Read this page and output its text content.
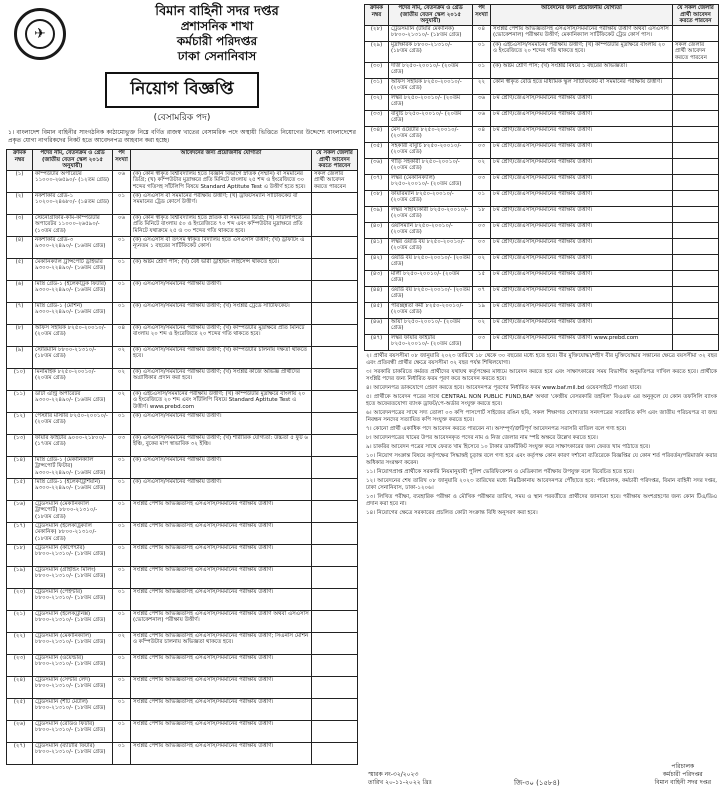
✈
বিমান বাহিনী সদর দপ্তর
প্রশাসনিক শাখা
কর্মচারী পরিদপ্তর
ঢাকা সেনানিবাস
নিয়োগ বিজ্ঞপ্তি
(বেসামরিক পদ)
১। বাংলাদেশ বিমান বাহিনীর সাংগঠনিক কাঠামোভুক্ত নিম্নে বর্ণিত রাজস্ব খাতের বেসামরিক পদে অস্থায়ী ভিত্তিতে নিয়োগের উদ্দেশ্যে বাংলাদেশের প্রকৃত যোগ্য নাগরিকদের নিকট হতে আবেদনপত্র আহবান করা হচ্ছে।
ক্রমিক নম্বর	পদের নাম, বেতনক্রম ও গ্রেড (জাতীয় বেতন স্কেল ২০১৫ অনুযায়ী)	পদ সংখ্যা	আবেদনের জন্য প্রয়োজনীয় যোগ্যতা	যে সকল জেলার প্রার্থী আবেদন করতে পারবেন
(১)	কম্পিউটার অপারেটর ১১০০০-২৬৫৯০/- (১২তম গ্রেড)	০৬	(ক) কোন স্বীকৃত বিশ্ববিদ্যালয় হতে বিজ্ঞান বিভাগে স্নাতক (সম্মান) বা সমমানের ডিগ্রি; (খ) কম্পিউটার মুদ্রাক্ষরে প্রতি মিনিটে বাংলায় ২৫ শব্দ ও ইংরেজিতে ৩০ শব্দের গতিসহ সাঁটলিপি বিষয়ে Standard Aptitute Test এ উত্তীর্ণ হতে হবে।	সকল জেলার প্রার্থী আবেদন করতে পারবেন
(২)	নকশাকার গ্রেড-১ ১০২০০-২৪৬৮০/- (১৪তম গ্রেড)	০১	(ক) এসএসসি বা সমমানের পরীক্ষায় উত্তীর্ণ; (খ) ড্রাফটসম্যান সার্টিফিকেট বা সমমানের ট্রেড কোর্সে উত্তীর্ণ।	
(৩)	স্টেনোগ্রাফার-কাম-কম্পিউটার অপারেটর ১১০০০-২৬৫৯০/- (১৩তম গ্রেড)	০৬	(ক) কোন স্বীকৃত বিশ্ববিদ্যালয় হতে স্নাতক বা সমমানের ডিগ্রি; (খ) সাঁটলিপিতে প্রতি মিনিটে বাংলায় ৫০ ও ইংরেজিতে ৭০ শব্দ এবং কম্পিউটার মুদ্রাক্ষরে প্রতি মিনিটে যথাক্রমে ২৫ ও ৩০ শব্দের গতি থাকতে হবে।	
(৪)	নকশাকার গ্রেড-৩ ৯৩০০-২২৪৯০/- (১৬তম গ্রেড)	০১	(ক) এসএসসি বা তৎসম স্বীকৃত বিদ্যালয় হতে এসএসসি উত্তীর্ণ; (খ) ড্রাফটিং এ ন্যূনতম ১ বছরের সার্টিফিকেট কোর্স।	
(৫)	মেকানিক্যাল ট্রান্সপোর্ট ড্রাইভার ৯৩০০-২২৪৯০/- (১৬তম গ্রেড)	০১	(ক) অষ্টম শ্রেণি পাস; (খ) বৈধ ভারী ড্রাইভিং লাইসেন্স থাকতে হবে।	
(৬)	মিস্ত্রি গ্রেড-১ (ইলেকট্রিক ফিটার) ৯৩০০-২২৪৯০/- (১৬তম গ্রেড)	০১	(ক) এসএসসি/সমমানের পরীক্ষায় উত্তীর্ণ।	
(৭)	মিস্ত্রি গ্রেড-১ (মেশিন) ৯৩০০-২২৪৯০/- (১৬তম গ্রেড)	০১	(ক) এসএসসি/সমমানের পরীক্ষায় উত্তীর্ণ; (খ) সংশ্লিষ্ট ট্রেডে সার্টিফিকেট।	
(৮)	অফিস সহায়ক ৮২৫০-২০০১০/- (২০তম গ্রেড)	০৪	(ক) এসএসসি/সমমানের পরীক্ষায় উত্তীর্ণ; (খ) কম্পিউটার মুদ্রাক্ষরে প্রতি মিনিটে বাংলায় ২০ শব্দ ও ইংরেজিতে ২০ শব্দের গতি থাকতে হবে।	
(৯)	স্টোরম্যান ৮৮০০-২১৩১০/- (১৮তম গ্রেড)	০২	(ক) এসএসসি/সমমানের পরীক্ষায় উত্তীর্ণ; (খ) কম্পিউটার চালনায় দক্ষতা থাকতে হবে।	
(১০)	মিনামাইক ৮২৫০-২০০১০/- (২০তম গ্রেড)	০২	(ক) এসএসসি/সমমানের পরীক্ষায় উত্তীর্ণ; (খ) সংশ্লিষ্ট কাজে অভিজ্ঞ প্রার্থীদের অগ্রাধিকার প্রদান করা হবে।	
(১১)	ডাটা এন্ট্রি অপারেটর ৯৩০০-২২৪৯০/- (১৬তম গ্রেড)	০২	(ক) এইচএসসি/সমমানের পরীক্ষায় উত্তীর্ণ; (খ) কম্পিউটার মুদ্রাক্ষরে বাংলায় ২০ ও ইংরেজিতে ২০ শব্দ এবং সাঁটলিপি বিষয়ে Standard Aptitute Test এ উত্তীর্ণ। www.prebd.com	
(১২)	পেস্টারি মাস্টার ৮২৫০-২০০১০/- (২০তম গ্রেড)	০১	(ক) এসএসসি/সমমানের পরীক্ষায় উত্তীর্ণ।	
(১৩)	ফায়ার ফাইটার ৯০০০-২১৮০০/- (১৭তম গ্রেড)	০৩	(ক) এসএসসি/সমমানের পরীক্ষায় উত্তীর্ণ; (খ) শারীরিক যোগ্যতা: উচ্চতা ৫ ফুট ৬ ইঞ্চি, বুকের মাপ স্বাভাবিক ৩২ ইঞ্চি।	
(১৪)	মিস্ত্রি গ্রেড-১ (মেকানিক্যাল ট্রান্সপোর্ট ফিটার) ৯৩০০-২২৪৯০/- (১৬তম গ্রেড)	০১	(ক) এসএসসি/সমমানের পরীক্ষায় উত্তীর্ণ।	
(১৫)	মিস্ত্রি গ্রেড-১ (ইলেকট্রিশিয়ান) ৯৩০০-২২৪৯০/- (১৬তম গ্রেড)	০১	(ক) এসএসসি/সমমানের পরীক্ষায় উত্তীর্ণ।	
(১৬)	ট্রেডসম্যান (মেকানিক্যাল ট্রান্সপোর্ট) ৮৮০০-২১৩১০/- (১৮তম গ্রেড)	০১	সংশ্লিষ্ট পেশায় অভিজ্ঞতাসহ এসএসসি/সমমানের পরীক্ষায় উত্তীর্ণ।	
(১৭)	ট্রেডসম্যান (ইলেকট্রিক্যাল মেকানিক) ৮৮০০-২১৩১০/- (১৮তম গ্রেড)	০১	সংশ্লিষ্ট পেশায় অভিজ্ঞতাসহ এসএসসি/সমমানের পরীক্ষায় উত্তীর্ণ।	
(১৮)	ট্রেডসম্যান (কার্পেন্টার) ৮৮০০-২১৩১০/- (১৮তম গ্রেড)	০১	সংশ্লিষ্ট পেশায় অভিজ্ঞতাসহ এসএসসি/সমমানের পরীক্ষায় উত্তীর্ণ।	
(১৯)	ট্রেডসম্যান (গ্রাইন্ডিং মিলিং) ৮৮০০-২১৩১০/- (১৮তম গ্রেড)	০১	সংশ্লিষ্ট পেশায় অভিজ্ঞতাসহ এসএসসি/সমমানের পরীক্ষায় উত্তীর্ণ।	
(২০)	ট্রেডসম্যান (পেইন্টার) ৮৮০০-২১৩১০/- (১৮তম গ্রেড)	০১	সংশ্লিষ্ট পেশায় অভিজ্ঞতাসহ এসএসসি/সমমানের পরীক্ষায় উত্তীর্ণ।	
(২১)	ট্রেডসম্যান (ইলেকট্রনিক্স) ৮৮০০-২১৩১০/- (১৮তম গ্রেড)	০১	সংশ্লিষ্ট পেশায় অভিজ্ঞতাসহ এসএসসি/সমমানের পরীক্ষায় উত্তীর্ণ অথবা এসএসসি (ভোকেশনাল) পরীক্ষায় উত্তীর্ণ।	
(২২)	ট্রেডসম্যান (মেকানিক্যাল) ৮৮০০-২১৩১০/- (১৮তম গ্রেড)	০২	সংশ্লিষ্ট পেশায় অভিজ্ঞতাসহ এসএসসি/সমমানের পরীক্ষায় উত্তীর্ণ; সিএনসি মেশিন ও কম্পিউটার চালনায় অভিজ্ঞতা থাকতে হবে।	
(২৩)	ট্রেডসম্যান (ওয়েল্ডার) ৮৮০০-২১৩১০/- (১৮তম গ্রেড)	০১	সংশ্লিষ্ট পেশায় অভিজ্ঞতাসহ এসএসসি/সমমানের পরীক্ষায় উত্তীর্ণ।	
(২৪)	ট্রেডসম্যান (সেন্টার লেদ) ৮৮০০-২১৩১০/- (১৮তম গ্রেড)	০১	সংশ্লিষ্ট পেশায় অভিজ্ঞতাসহ এসএসসি/সমমানের পরীক্ষায় উত্তীর্ণ।	
(২৫)	ট্রেডসম্যান (শীট মেটাল) ৮৮০০-২১৩১০/- (১৮তম গ্রেড)	০১	সংশ্লিষ্ট পেশায় অভিজ্ঞতাসহ এসএসসি/সমমানের পরীক্ষায় উত্তীর্ণ।	
(২৬)	ট্রেডসম্যান (রেডিও ফিটার) ৮৮০০-২১৩১০/- (১৮তম গ্রেড)	০১	সংশ্লিষ্ট পেশায় অভিজ্ঞতাসহ এসএসসি/সমমানের পরীক্ষায় উত্তীর্ণ।	
(২৭)	ট্রেডসম্যান (ব্যাটারি ফিটার) ৮৮০০-২১৩১০/- (১৮তম গ্রেড)	০১	সংশ্লিষ্ট পেশায় অভিজ্ঞতাসহ এসএসসি/সমমানের পরীক্ষায় উত্তীর্ণ।	
ক্রমিক নম্বর	পদের নাম, বেতনক্রম ও গ্রেড (জাতীয় বেতন স্কেল ২০১৫ অনুযায়ী)	পদ সংখ্যা	আবেদনের জন্য প্রয়োজনীয় যোগ্যতা	যে সকল জেলার প্রার্থী আবেদন করতে পারবেন
(২৮)	ট্রেডসম্যান (টায়ার মেকানিক) ৮৮০০-২১৩১০/- (১৮তম গ্রেড)	০৪	সংশ্লিষ্ট পেশায় অভিজ্ঞতাসহ এসএসসি/সমমানের পরীক্ষায় উত্তীর্ণ অথবা এসএসসি (ভোকেশনাল) পরীক্ষায় উত্তীর্ণ; মেকানিক্যাল সার্টিফিকেট ট্রেড কোর্স পাস।	
(২৯)	মুদ্রাক্ষরিক ৮৮০০-২১৩১০/- (১৮তম গ্রেড)	০১	(ক) এইচএসসি/সমমানের পরীক্ষায় উত্তীর্ণ; (খ) কম্পিউটার মুদ্রাক্ষরে বাংলায় ২০ ও ইংরেজিতে ২০ শব্দের গতি থাকতে হবে।	সকল জেলার প্রার্থী আবেদন করতে পারবেন
(৩০)	দর্জি ৮২৫০-২০০১০/- (২০তম গ্রেড)	০১	(ক) অষ্টম শ্রেণি পাস; (খ) সংশ্লিষ্ট বিষয়ে ১ বছরের অভিজ্ঞতা।	
(৩১)	অফিস সহায়ক ৮২৫০-২০০১০/- (২০তম গ্রেড)	২২	কোন স্বীকৃত বোর্ড হতে মাধ্যমিক স্কুল সার্টিফিকেট বা সমমানের পরীক্ষায় উত্তীর্ণ।	
(৩২)	লস্কর ৮২৫০-২০০১০/- (২০তম গ্রেড)	৩৬	৮ম শ্রেণি/জেএসসি/সমমানের পরীক্ষায় উত্তীর্ণ।	
(৩৩)	বাবুর্চি ৮২৫০-২০০১০/- (২০তম গ্রেড)	০৬	৮ম শ্রেণি/জেএসসি/সমমানের পরীক্ষায় উত্তীর্ণ।	
(৩৪)	মেস ওয়েটার ৮২৫০-২০০১০/- (২০তম গ্রেড)	০৪	৮ম শ্রেণি/জেএসসি/সমমানের পরীক্ষায় উত্তীর্ণ।	
(৩৫)	সহকারী বাবুর্চি ৮২৫০-২০০১০/- (২০তম গ্রেড)	০৩	৮ম শ্রেণি/জেএসসি/সমমানের পরীক্ষায় উত্তীর্ণ।	
(৩৬)	গাড়ি সহকারী ৮২৫০-২০০১০/- (২০তম গ্রেড)	০২	৮ম শ্রেণি/জেএসসি/সমমানের পরীক্ষায় উত্তীর্ণ।	
(৩৭)	লস্কর (মেকানিক্যাল) ৮২৫০-২০০১০/- (২০তম গ্রেড)	০৩	৮ম শ্রেণি/জেএসসি/সমমানের পরীক্ষায় উত্তীর্ণ।	
(৩৮)	ফায়ারম্যান ৮২৫০-২০০১০/- (২০তম গ্রেড)	০১	৮ম শ্রেণি/জেএসসি/সমমানের পরীক্ষায় উত্তীর্ণ।	
(৩৯)	লস্কর সাহায্যকারী ৮২৫০-২০০১০/- (২০তম গ্রেড)	১৮	৮ম শ্রেণি/জেএসসি/সমমানের পরীক্ষায় উত্তীর্ণ।	
(৪০)	ওয়াসম্যান ৮২৫০-২০০১০/- (২০তম গ্রেড)	০৩	৮ম শ্রেণি/জেএসসি/সমমানের পরীক্ষায় উত্তীর্ণ।	
(৪১)	লস্কর ওয়ার্ড বয় ৮২৫০-২০০১০/- (২০তম গ্রেড)	০৩	৮ম শ্রেণি/জেএসসি/সমমানের পরীক্ষায় উত্তীর্ণ।	
(৪২)	ওয়ার্ড বয় ৮২৫০-২০০১০/- (২০তম গ্রেড)	০২	৮ম শ্রেণি/জেএসসি/সমমানের পরীক্ষায় উত্তীর্ণ।	
(৪৩)	মালী ৮২৫০-২০০১০/- (২০তম গ্রেড)	১৫	৮ম শ্রেণি/জেএসসি/সমমানের পরীক্ষায় উত্তীর্ণ।	
(৪৪)	ওয়ার্ড বয় ৮২৫০-২০০১০/- (২০তম গ্রেড)	০৭	৮ম শ্রেণি/জেএসসি/সমমানের পরীক্ষায় উত্তীর্ণ।	
(৪৫)	পরিচ্ছন্নতা কর্মী ৮২৫০-২০০১০/- (২০তম গ্রেড)	১৯	৮ম শ্রেণি/জেএসসি/সমমানের পরীক্ষায় উত্তীর্ণ।	
(৪৬)	আয়া ৮২৫০-২০০১০/- (২০তম গ্রেড)	০২	৮ম শ্রেণি/জেএসসি/সমমানের পরীক্ষায় উত্তীর্ণ।	
(৪৭)	লস্কর ফায়ার ফাইটার ৮২৫০-২০০১০/- (২০তম গ্রেড)	০৩	৮ম শ্রেণি/জেএসসি/সমমানের পরীক্ষায় উত্তীর্ণ। www.prebd.com	
২। প্রার্থীর বয়সসীমা ০৮ জানুয়ারি ২০২৩ তারিখে ১৮ থেকে ৩০ বছরের মধ্যে হতে হবে। বীর মুক্তিযোদ্ধা/শহীদ বীর মুক্তিযোদ্ধার সন্তানের ক্ষেত্রে বয়সসীমা ৩২ বছর এবং প্রতিবন্ধী প্রার্থীর ক্ষেত্রে বয়সসীমা ৩২ বছর পর্যন্ত শিথিলযোগ্য।
৩। সরকারি চাকরিতে কর্মরত প্রার্থীদের যথাযথ কর্তৃপক্ষের মাধ্যমে আবেদন করতে হবে এবং সাক্ষাৎকারের সময় বিভাগীয় অনুমতিপত্র দাখিল করতে হবে। প্রার্থীকে সংশ্লিষ্ট পদের জন্য নির্ধারিত ফরম পূরণ করে আবেদন করতে হবে।
৪। আবেদনপত্র ডাকযোগে প্রেরণ করতে হবে। আবেদনপত্র পূরণের নির্ধারিত ফরম www.baf.mil.bd ওয়েবসাইটে পাওয়া যাবে।
৫। প্রার্থীকে আবেদন পত্রের সাথে CENTRAL NON PUBLIC FUND,BAF অথবা 'কেন্দ্রীয় বেসরকারি তহবিল' বিএএফ এর অনুকূলে যে কোন তফসিলি ব্যাংক হতে অফেরতযোগ্য ব্যাংক ড্রাফট/পে-অর্ডার সংযুক্ত করতে হবে।
৬। আবেদনপত্রের সাথে সদ্য তোলা ০৩ কপি পাসপোর্ট সাইজের রঙিন ছবি, সকল শিক্ষাগত যোগ্যতার সনদপত্রের সত্যায়িত কপি এবং জাতীয় পরিচয়পত্র বা জন্ম নিবন্ধন সনদের সত্যায়িত কপি সংযুক্ত করতে হবে।
৭। কোনো প্রার্থী একাধিক পদে আবেদন করতে পারবেন না। অসম্পূর্ণ/ত্রুটিপূর্ণ আবেদনপত্র সরাসরি বাতিল বলে গণ্য হবে।
৮। আবেদনপত্রের খামের উপর আবেদনকৃত পদের নাম ও নিজ জেলার নাম স্পষ্ট অক্ষরে উল্লেখ করতে হবে।
৯। চাকরির আবেদন পত্রের সাথে ফেরত খাম হিসেবে ১০ টাকার ডাকটিকিট সংযুক্ত করে সাক্ষাৎকারের জন্য ফেরত খাম পাঠাতে হবে।
১০। নিয়োগ সংক্রান্ত বিষয়ে কর্তৃপক্ষের সিদ্ধান্তই চূড়ান্ত বলে গণ্য হবে এবং কর্তৃপক্ষ কোন কারণ দর্শানো ব্যতিরেকে বিজ্ঞপ্তির যে কোন শর্ত পরিবর্তন/পরিমার্জন করার অধিকার সংরক্ষণ করেন।
১১। নিয়োগপ্রাপ্ত প্রার্থীকে সরকারি নিয়মানুযায়ী পুলিশ ভেরিফিকেশন ও মেডিক্যাল পরীক্ষায় উপযুক্ত বলে বিবেচিত হতে হবে।
১২। আবেদনের শেষ তারিখ ০৮ জানুয়ারি ২০২৩ তারিখের মধ্যে নিম্নঠিকানায় আবেদনপত্র পৌঁছাতে হবে: পরিচালক, কর্মচারী পরিদপ্তর, বিমান বাহিনী সদর দপ্তর, ঢাকা সেনানিবাস, ঢাকা-১২০৬।
১৩। লিখিত পরীক্ষা, ব্যবহারিক পরীক্ষা ও মৌখিক পরীক্ষার তারিখ, সময় ও স্থান পরবর্তীতে প্রার্থীদের জানানো হবে। পরীক্ষায় অংশগ্রহণের জন্য কোন টিএ/ডিএ প্রদান করা হবে না।
১৪। নিয়োগের ক্ষেত্রে সরকারের প্রচলিত কোটা সংক্রান্ত বিধি অনুসরণ করা হবে।
স্মারক নং-৩২/২০২৩
তারিখ ২০-১১-২০২২ খ্রিঃ	জি-৩০ (১৫৮৪)
পরিচালক
কর্মচারী পরিদপ্তর
বিমান বাহিনী সদর দপ্তর
